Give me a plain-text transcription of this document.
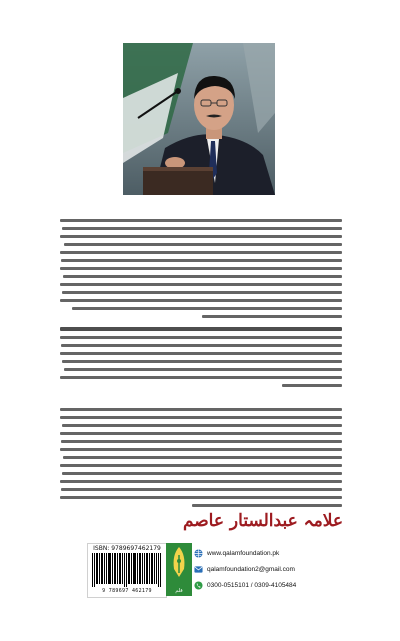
علامہ عبدالستار عاصم
ISBN: 9789697462179
9 789697 462179	قلم
www.qalamfoundation.pk
qalamfoundation2@gmail.com
0300-0515101 / 0309-4105484
